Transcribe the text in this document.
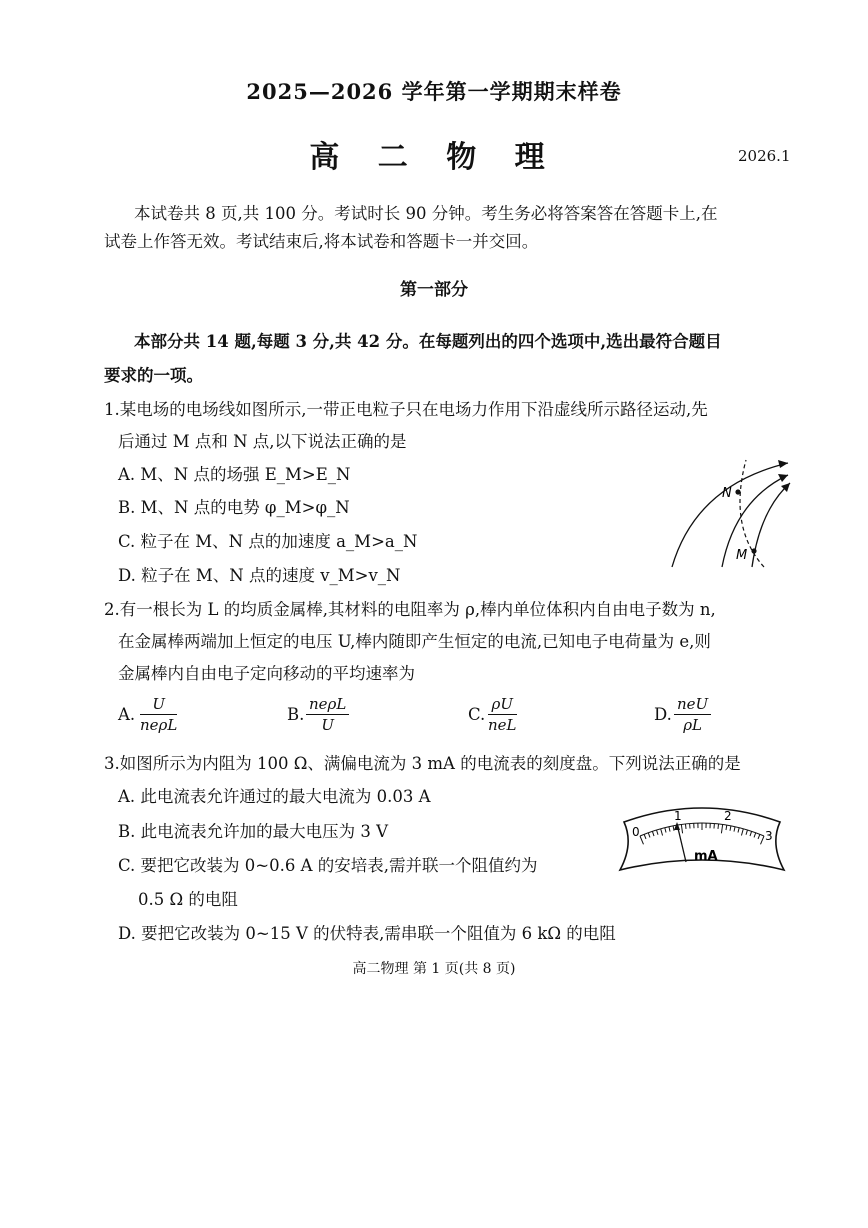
2025—2026 学年第一学期期末样卷
高 二 物 理	2026.1
本试卷共 8 页,共 100 分。考试时长 90 分钟。考生务必将答案答在答题卡上,在
试卷上作答无效。考试结束后,将本试卷和答题卡一并交回。
第一部分
本部分共 14 题,每题 3 分,共 42 分。在每题列出的四个选项中,选出最符合题目
要求的一项。
1.某电场的电场线如图所示,一带正电粒子只在电场力作用下沿虚线所示路径运动,先
后通过 M 点和 N 点,以下说法正确的是
A. M、N 点的场强 E_M>E_N
B. M、N 点的电势 φ_M>φ_N
C. 粒子在 M、N 点的加速度 a_M>a_N
D. 粒子在 M、N 点的速度 v_M>v_N
N
M
2.有一根长为 L 的均质金属棒,其材料的电阻率为 ρ,棒内单位体积内自由电子数为 n,
在金属棒两端加上恒定的电压 U,棒内随即产生恒定的电流,已知电子电荷量为 e,则
金属棒内自由电子定向移动的平均速率为
A.
U
neρL
B.
neρL
U
C.
ρU
neL
D.
neU
ρL
3.如图所示为内阻为 100 Ω、满偏电流为 3 mA 的电流表的刻度盘。下列说法正确的是
A. 此电流表允许通过的最大电流为 0.03 A
B. 此电流表允许加的最大电压为 3 V
C. 要把它改装为 0~0.6 A 的安培表,需并联一个阻值约为
0.5 Ω 的电阻
D. 要把它改装为 0~15 V 的伏特表,需串联一个阻值为 6 kΩ 的电阻
0
1	2
3
mA
高二物理 第 1 页(共 8 页)
